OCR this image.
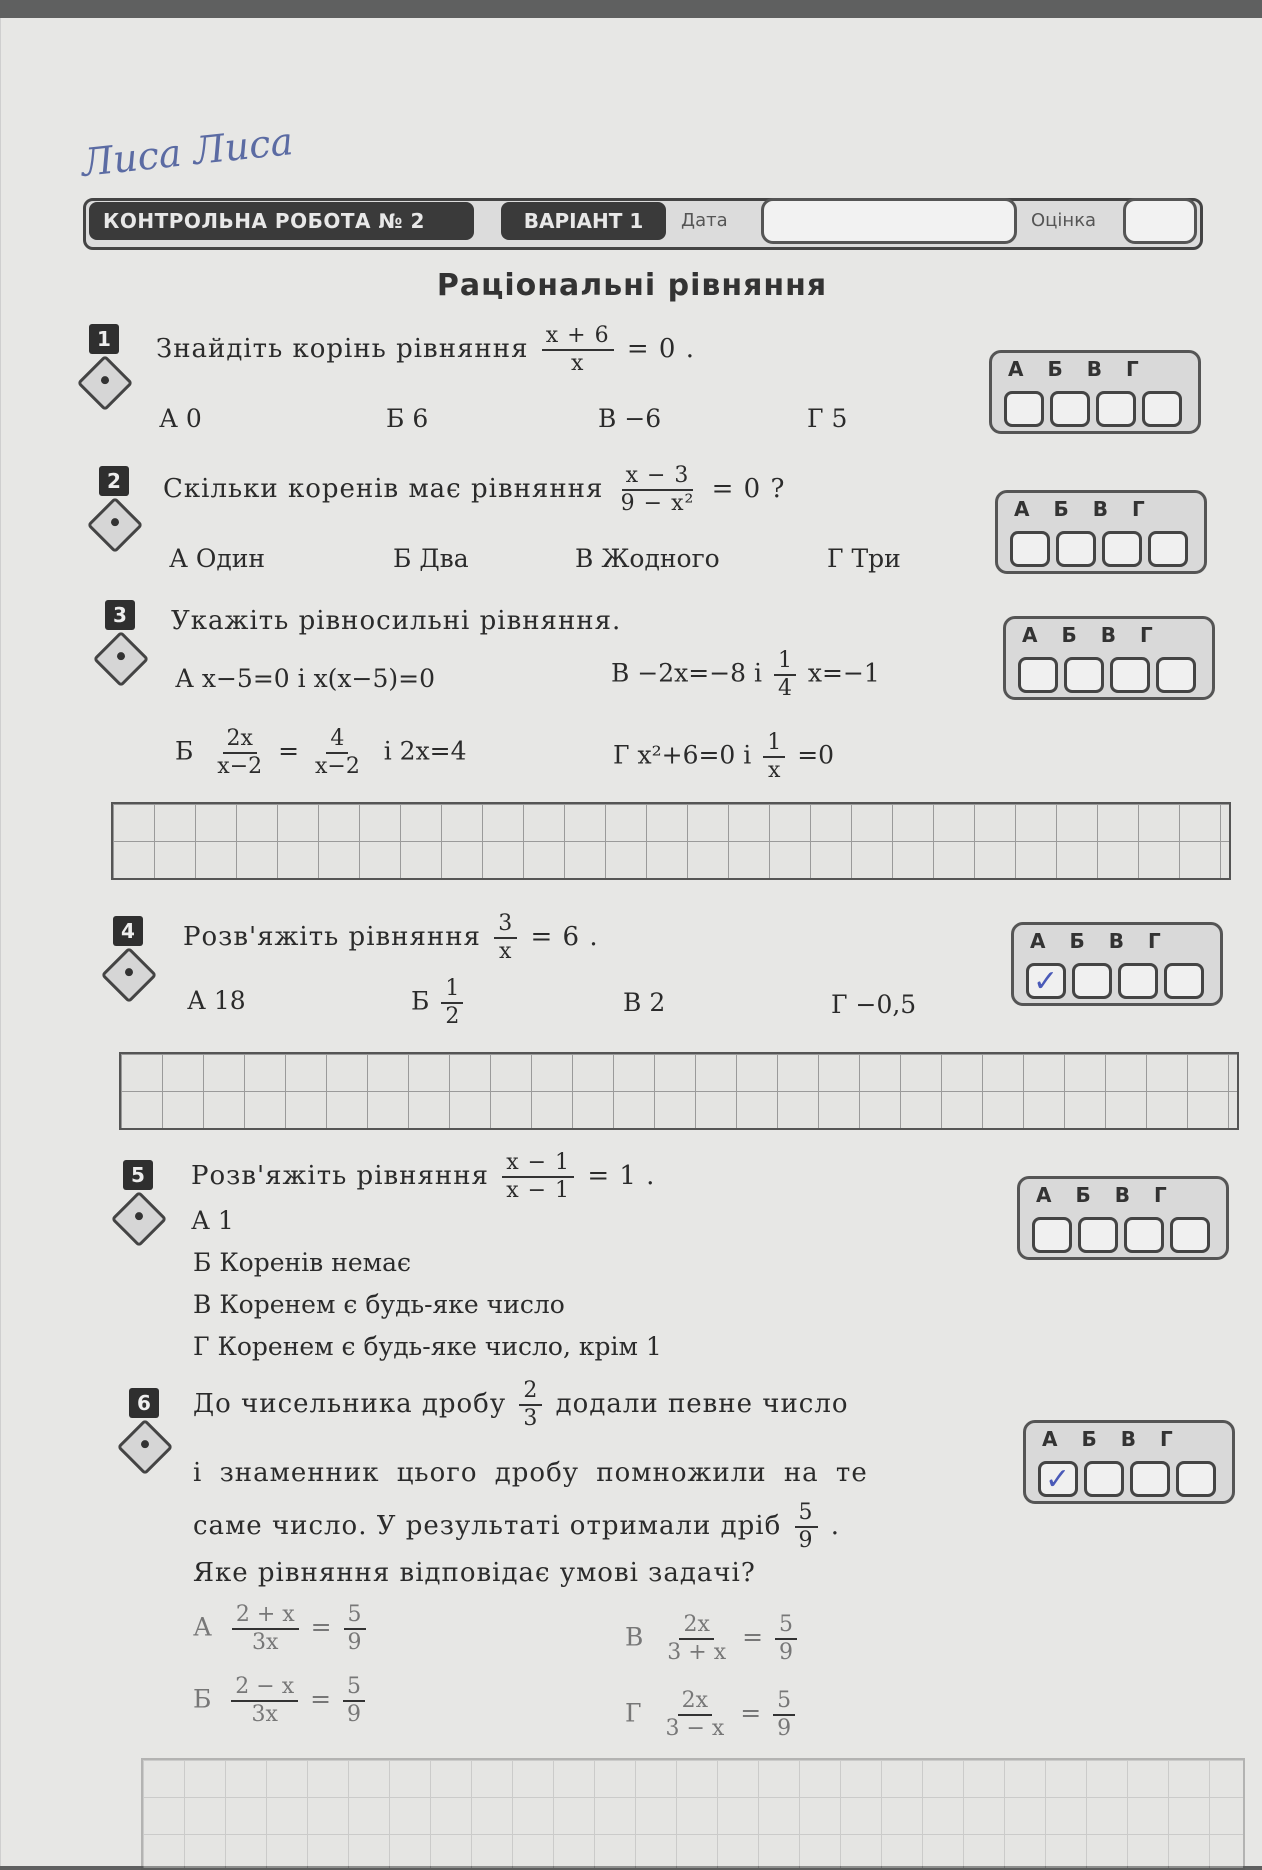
Лиса Лиса
КОНТРОЛЬНА РОБОТА № 2	ВАРІАНТ 1	Дата	Оцінка
Раціональні рівняння
1	Знайдіть корінь рівняння $\frac{x + 6}{x} = 0$ .
А 0	Б 6	В −6	Г 5
А Б В Г
2	Скільки коренів має рівняння $\frac{x - 3}{\text{9 − x²}} = 0$ ?
А Один	Б Два	В Жодного	Г Три
А Б В Г
3	Укажіть рівносильні рівняння.
А x−5=0 і x(x−5)=0	В −2x=−8 і $\frac{1}{4} x=-1$
Б $\frac{2x}{x-2} = \frac{4}{x-2}$ і 2x=4	Г x²+6=0 і $\frac{1}{x} =0$
А Б В Г
4	Розв'яжіть рівняння $\frac{3}{x} = 6$ .
А 18	Б $\frac{1}{2}$	В 2	Г −0,5
А Б В Г
✓
5	Розв'яжіть рівняння $\frac{x - 1}{x - 1} = 1$ .
А 1
Б Коренів немає
В Коренем є будь-яке число
Г Коренем є будь-яке число, крім 1
А Б В Г
6	До чисельника дробу $\frac{2}{3}$ додали певне число
і знаменник цього дробу помножили на те
саме число. У результаті отримали дріб $\frac{5}{9}$ .
Яке рівняння відповідає умові задачі?
А $\frac{2 + x}{3x} = \frac{5}{9}$
Б $\frac{2 - x}{3x} = \frac{5}{9}$
В $\frac{2x}{3 + x} = \frac{5}{9}$
Г $\frac{2x}{3 - x} = \frac{5}{9}$
А Б В Г
✓
